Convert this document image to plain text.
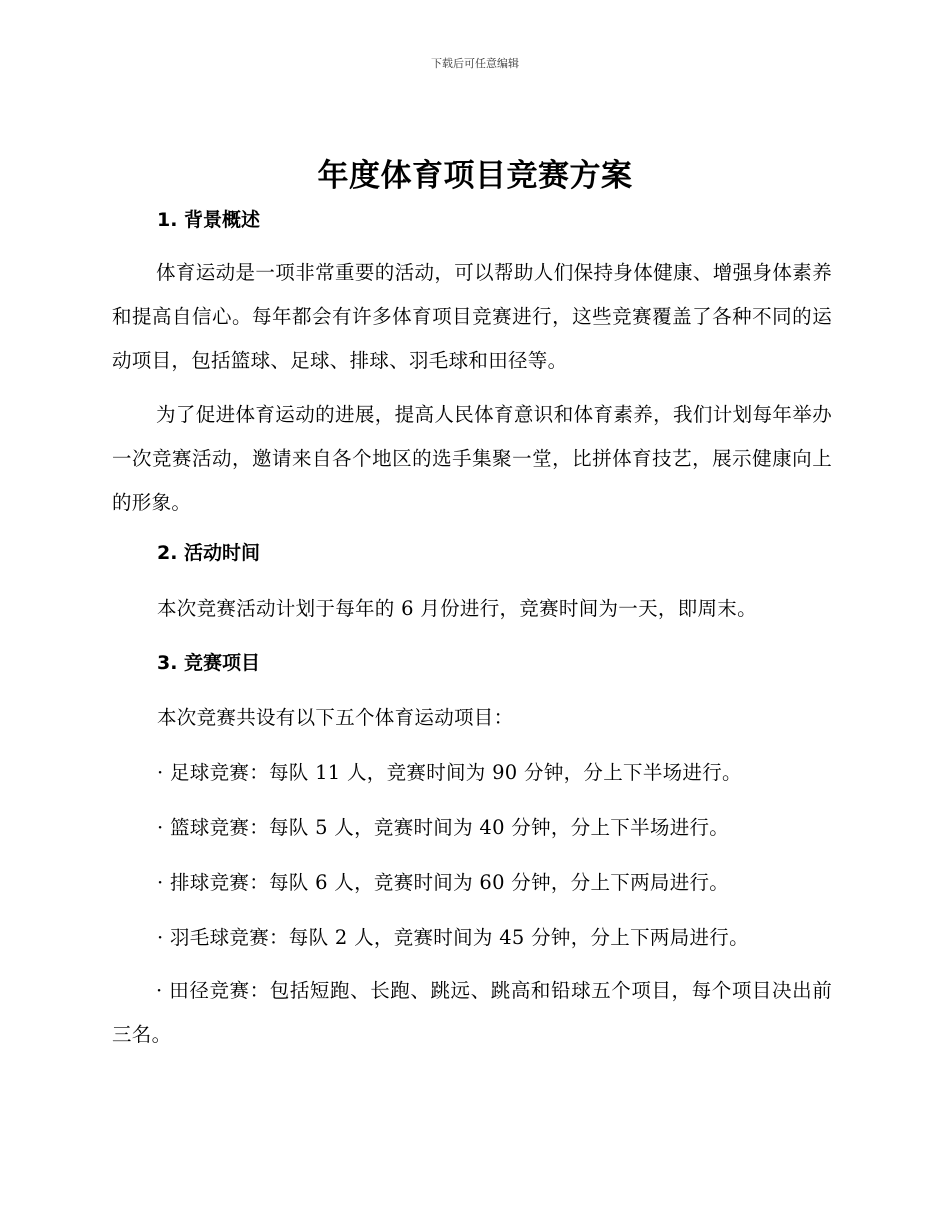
下载后可任意编辑
年度体育项目竞赛方案
1. 背景概述
体育运动是一项非常重要的活动，可以帮助人们保持身体健康、增强身体素养和提高自信心。每年都会有许多体育项目竞赛进行，这些竞赛覆盖了各种不同的运动项目，包括篮球、足球、排球、羽毛球和田径等。
为了促进体育运动的进展，提高人民体育意识和体育素养，我们计划每年举办一次竞赛活动，邀请来自各个地区的选手集聚一堂，比拼体育技艺，展示健康向上的形象。
2. 活动时间
本次竞赛活动计划于每年的 6 月份进行，竞赛时间为一天，即周末。
3. 竞赛项目
本次竞赛共设有以下五个体育运动项目：
· 足球竞赛：每队 11 人，竞赛时间为 90 分钟，分上下半场进行。
· 篮球竞赛：每队 5 人，竞赛时间为 40 分钟，分上下半场进行。
· 排球竞赛：每队 6 人，竞赛时间为 60 分钟，分上下两局进行。
· 羽毛球竞赛：每队 2 人，竞赛时间为 45 分钟，分上下两局进行。
· 田径竞赛：包括短跑、长跑、跳远、跳高和铅球五个项目，每个项目决出前三名。
